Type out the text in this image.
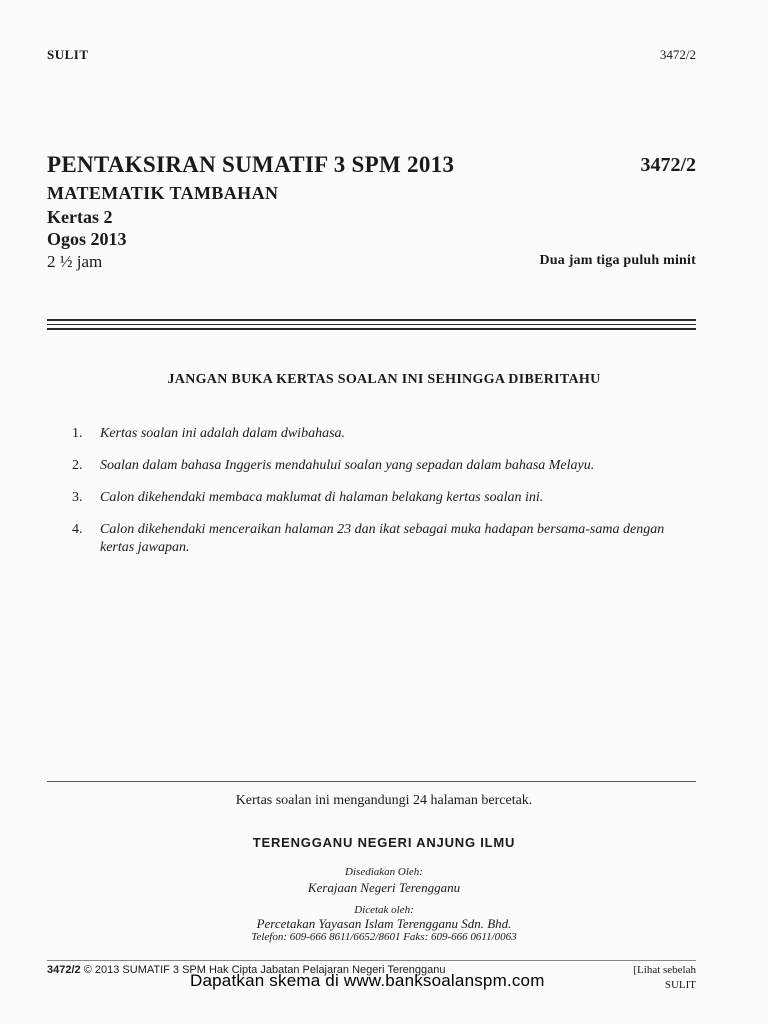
SULIT	3472/2
PENTAKSIRAN SUMATIF 3 SPM 2013	3472/2
MATEMATIK TAMBAHAN
Kertas 2
Ogos 2013
2 ½ jam	Dua jam tiga puluh minit
JANGAN BUKA KERTAS SOALAN INI SEHINGGA DIBERITAHU
1. Kertas soalan ini adalah dalam dwibahasa.
2. Soalan dalam bahasa Inggeris mendahului soalan yang sepadan dalam bahasa Melayu.
3. Calon dikehendaki membaca maklumat di halaman belakang kertas soalan ini.
4. Calon dikehendaki menceraikan halaman 23 dan ikat sebagai muka hadapan bersama-sama dengan kertas jawapan.
Kertas soalan ini mengandungi 24 halaman bercetak.
TERENGGANU NEGERI ANJUNG ILMU
Disediakan Oleh:
Kerajaan Negeri Terengganu
Dicetak oleh:
Percetakan Yayasan Islam Terengganu Sdn. Bhd.
Telefon: 609-666 8611/6652/8601 Faks: 609-666 0611/0063
3472/2 © 2013 SUMATIF 3 SPM Hak Cipta Jabatan Pelajaran Negeri Terengganu	[Lihat sebelah
SULIT
Dapatkan skema di www.banksoalanspm.com
